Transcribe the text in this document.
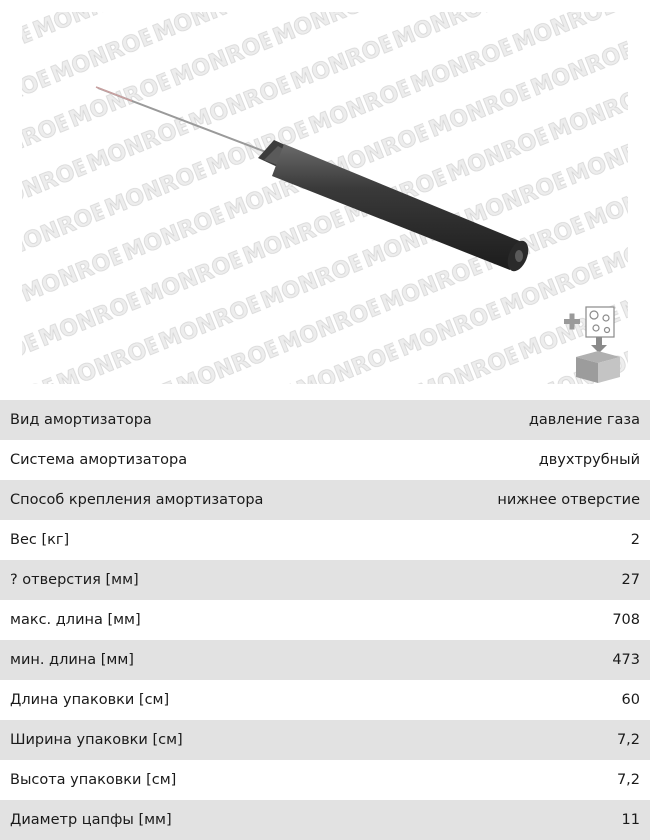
Вид амортизатора	давление газа
Система амортизатора	двухтрубный
Способ крепления амортизатора	нижнее отверстие
Вес [кг]	2
? отверстия [мм]	27
макс. длина [мм]	708
мин. длина [мм]	473
Длина упаковки [см]	60
Ширина упаковки [см]	7,2
Высота упаковки [см]	7,2
Диаметр цапфы [мм]	11
